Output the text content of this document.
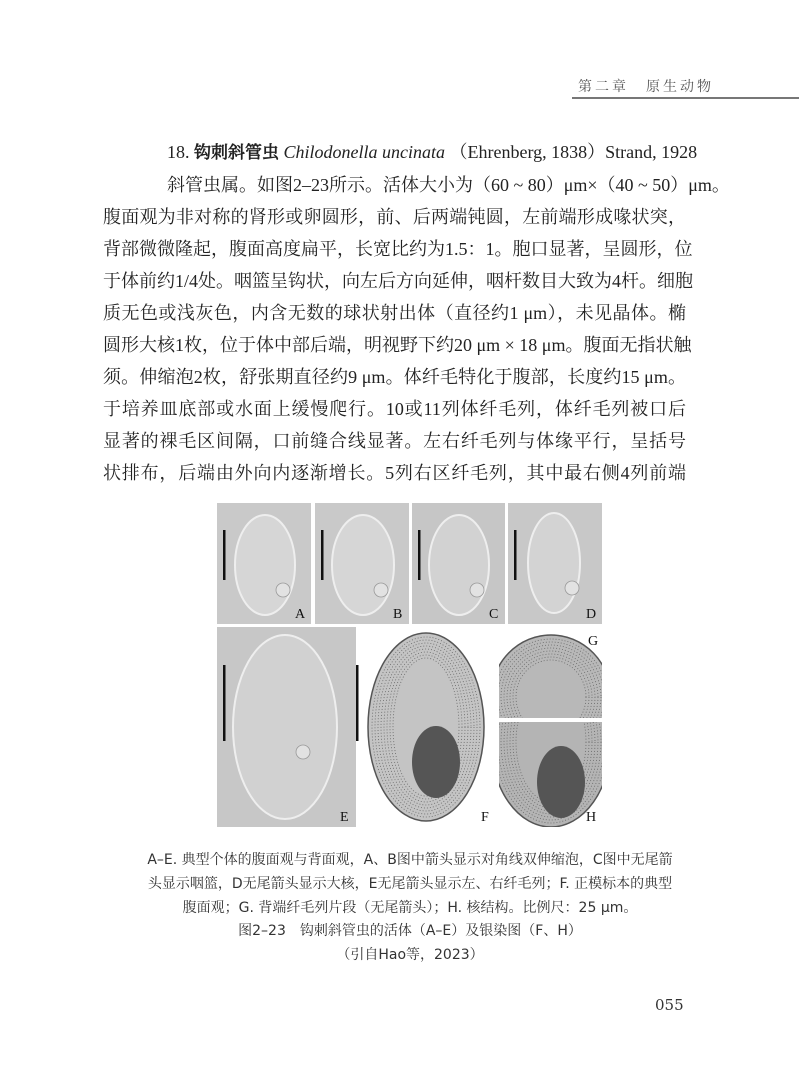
第二章　原生动物
18. 钩刺斜管虫 Chilodonella uncinata （Ehrenberg, 1838）Strand, 1928
斜管虫属。如图2–23所示。活体大小为（60 ~ 80）μm×（40 ~ 50）μm。
腹面观为非对称的肾形或卵圆形，前、后两端钝圆，左前端形成喙状突，
背部微微隆起，腹面高度扁平，长宽比约为1.5：1。胞口显著，呈圆形，位
于体前约1/4处。咽篮呈钩状，向左后方向延伸，咽杆数目大致为4杆。细胞
质无色或浅灰色，内含无数的球状射出体（直径约1 μm），未见晶体。椭
圆形大核1枚，位于体中部后端，明视野下约20 μm × 18 μm。腹面无指状触
须。伸缩泡2枚，舒张期直径约9 μm。体纤毛特化于腹部，长度约15 μm。
于培养皿底部或水面上缓慢爬行。10或11列体纤毛列，体纤毛列被口后
显著的裸毛区间隔，口前缝合线显著。左右纤毛列与体缘平行，呈括号
状排布，后端由外向内逐渐增长。5列右区纤毛列，其中最右侧4列前端
A	B	C	D
E	F
G
H
A–E. 典型个体的腹面观与背面观，A、B图中箭头显示对角线双伸缩泡，C图中无尾箭
头显示咽篮，D无尾箭头显示大核，E无尾箭头显示左、右纤毛列；F. 正模标本的典型
腹面观；G. 背端纤毛列片段（无尾箭头）；H. 核结构。比例尺：25 μm。
图2–23　钩刺斜管虫的活体（A–E）及银染图（F、H）
（引自Hao等，2023）
055
